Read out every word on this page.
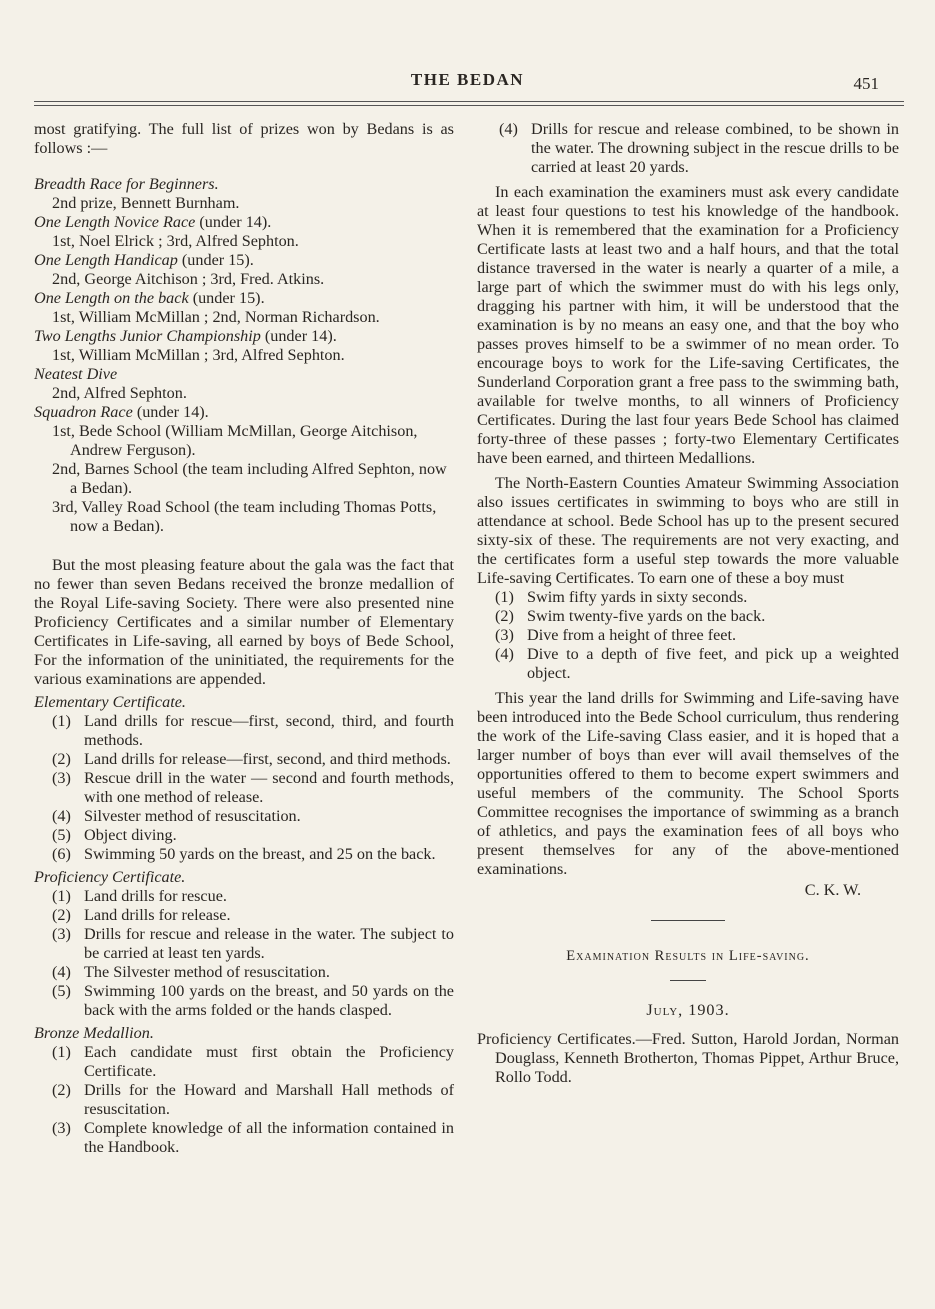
THE BEDAN	451

most gratifying. The full list of prizes won by Bedans is as follows :—

Breadth Race for Beginners.
2nd prize, Bennett Burnham.
One Length Novice Race (under 14).
1st, Noel Elrick ; 3rd, Alfred Sephton.
One Length Handicap (under 15).
2nd, George Aitchison ; 3rd, Fred. Atkins.
One Length on the back (under 15).
1st, William McMillan ; 2nd, Norman Richardson.
Two Lengths Junior Championship (under 14).
1st, William McMillan ; 3rd, Alfred Sephton.
Neatest Dive
2nd, Alfred Sephton.
Squadron Race (under 14).
1st, Bede School (William McMillan, George Aitchison, Andrew Ferguson).
2nd, Barnes School (the team including Alfred Sephton, now a Bedan).
3rd, Valley Road School (the team including Thomas Potts, now a Bedan).

But the most pleasing feature about the gala was the fact that no fewer than seven Bedans received the bronze medallion of the Royal Life-saving Society. There were also presented nine Proficiency Certificates and a similar number of Elementary Certificates in Life-saving, all earned by boys of Bede School, For the information of the uninitiated, the requirements for the various examinations are appended.

Elementary Certificate.
(1) Land drills for rescue—first, second, third, and fourth methods.
(2) Land drills for release—first, second, and third methods.
(3) Rescue drill in the water — second and fourth methods, with one method of release.
(4) Silvester method of resuscitation.
(5) Object diving.
(6) Swimming 50 yards on the breast, and 25 on the back.
Proficiency Certificate.
(1) Land drills for rescue.
(2) Land drills for release.
(3) Drills for rescue and release in the water. The subject to be carried at least ten yards.
(4) The Silvester method of resuscitation.
(5) Swimming 100 yards on the breast, and 50 yards on the back with the arms folded or the hands clasped.
Bronze Medallion.
(1) Each candidate must first obtain the Proficiency Certificate.
(2) Drills for the Howard and Marshall Hall methods of resuscitation.
(3) Complete knowledge of all the information contained in the Handbook.
(4) Drills for rescue and release combined, to be shown in the water. The drowning subject in the rescue drills to be carried at least 20 yards.

In each examination the examiners must ask every candidate at least four questions to test his knowledge of the handbook. When it is remembered that the examination for a Proficiency Certificate lasts at least two and a half hours, and that the total distance traversed in the water is nearly a quarter of a mile, a large part of which the swimmer must do with his legs only, dragging his partner with him, it will be understood that the examination is by no means an easy one, and that the boy who passes proves himself to be a swimmer of no mean order. To encourage boys to work for the Life-saving Certificates, the Sunderland Corporation grant a free pass to the swimming bath, available for twelve months, to all winners of Proficiency Certificates. During the last four years Bede School has claimed forty-three of these passes ; forty-two Elementary Certificates have been earned, and thirteen Medallions.

The North-Eastern Counties Amateur Swimming Association also issues certificates in swimming to boys who are still in attendance at school. Bede School has up to the present secured sixty-six of these. The requirements are not very exacting, and the certificates form a useful step towards the more valuable Life-saving Certificates. To earn one of these a boy must

(1) Swim fifty yards in sixty seconds.
(2) Swim twenty-five yards on the back.
(3) Dive from a height of three feet.
(4) Dive to a depth of five feet, and pick up a weighted object.

This year the land drills for Swimming and Life-saving have been introduced into the Bede School curriculum, thus rendering the work of the Life-saving Class easier, and it is hoped that a larger number of boys than ever will avail themselves of the opportunities offered to them to become expert swimmers and useful members of the community. The School Sports Committee recognises the importance of swimming as a branch of athletics, and pays the examination fees of all boys who present themselves for any of the above-mentioned examinations.

C. K. W.
Examination Results in Life-saving.
July, 1903.

Proficiency Certificates.—Fred. Sutton, Harold Jordan, Norman Douglass, Kenneth Brotherton, Thomas Pippet, Arthur Bruce, Rollo Todd.
